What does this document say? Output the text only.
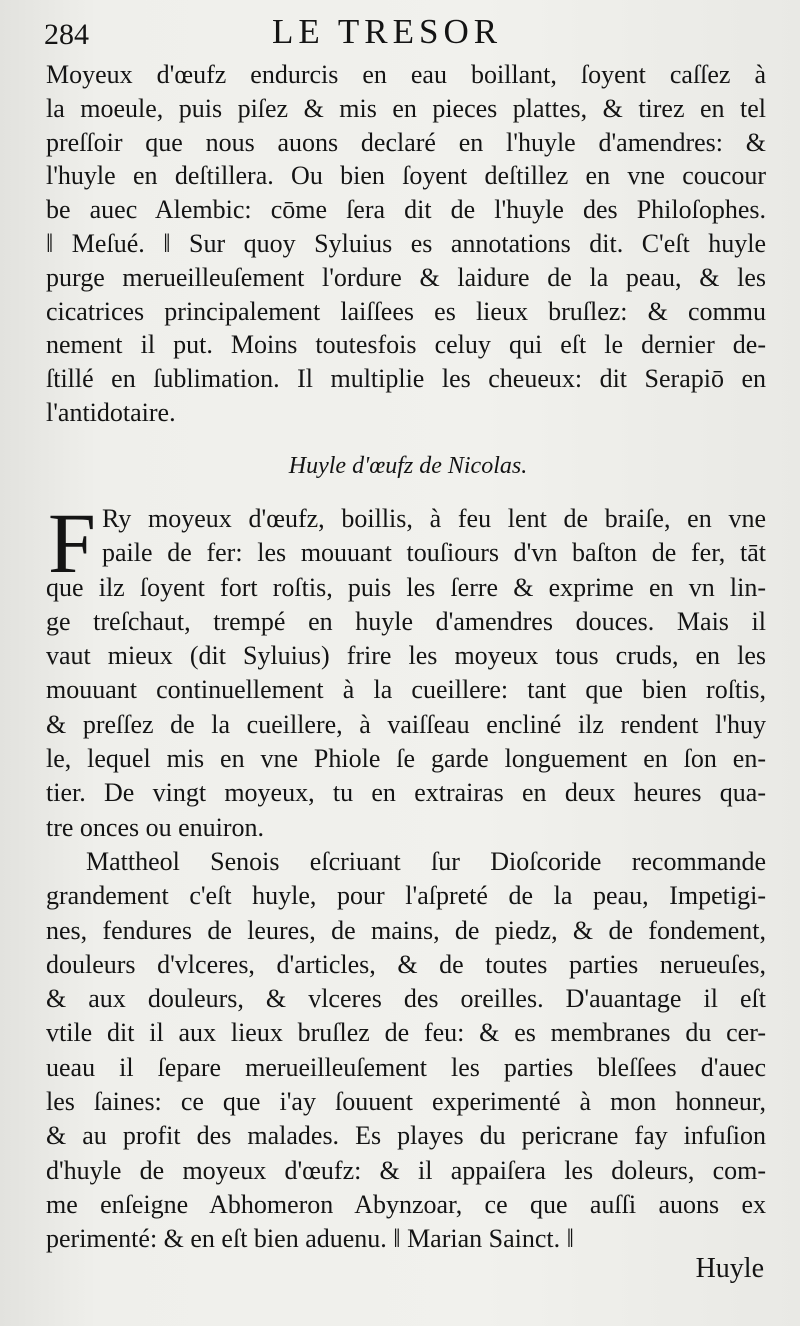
284	LE TRESOR
Moyeux d'œufz endurcis en eau boillant, ſoyent caſſez à
la moeule, puis piſez & mis en pieces plattes, & tirez en tel
preſſoir que nous auons declaré en l'huyle d'amendres: &
l'huyle en deſtillera. Ou bien ſoyent deſtillez en vne coucour
be auec Alembic: cōme ſera dit de l'huyle des Philoſophes.
‖ Meſué. ‖ Sur quoy Syluius es annotations dit. C'eſt huyle
purge merueilleuſement l'ordure & laidure de la peau, & les
cicatrices principalement laiſſees es lieux bruſlez: & commu
nement il put. Moins toutesfois celuy qui eſt le dernier de-
ſtillé en ſublimation. Il multiplie les cheueux: dit Serapiō en
l'antidotaire.
Huyle d'œufz de Nicolas.
F Ry moyeux d'œufz, boillis, à feu lent de braiſe, en vne
paile de fer: les mouuant touſiours d'vn baſton de fer, tāt
que ilz ſoyent fort roſtis, puis les ſerre & exprime en vn lin-
ge treſchaut, trempé en huyle d'amendres douces. Mais il
vaut mieux (dit Syluius) frire les moyeux tous cruds, en les
mouuant continuellement à la cueillere: tant que bien roſtis,
& preſſez de la cueillere, à vaiſſeau encliné ilz rendent l'huy
le, lequel mis en vne Phiole ſe garde longuement en ſon en-
tier. De vingt moyeux, tu en extrairas en deux heures qua-
tre onces ou enuiron.
Mattheol Senois eſcriuant ſur Dioſcoride recommande
grandement c'eſt huyle, pour l'aſpreté de la peau, Impetigi-
nes, fendures de leures, de mains, de piedz, & de fondement,
douleurs d'vlceres, d'articles, & de toutes parties nerueuſes,
& aux douleurs, & vlceres des oreilles. D'auantage il eſt
vtile dit il aux lieux bruſlez de feu: & es membranes du cer-
ueau il ſepare merueilleuſement les parties bleſſees d'auec
les ſaines: ce que i'ay ſouuent experimenté à mon honneur,
& au profit des malades. Es playes du pericrane fay infuſion
d'huyle de moyeux d'œufz: & il appaiſera les doleurs, com-
me enſeigne Abhomeron Abynzoar, ce que auſſi auons ex
perimenté: & en eſt bien aduenu. ‖ Marian Sainct. ‖
Huyle
